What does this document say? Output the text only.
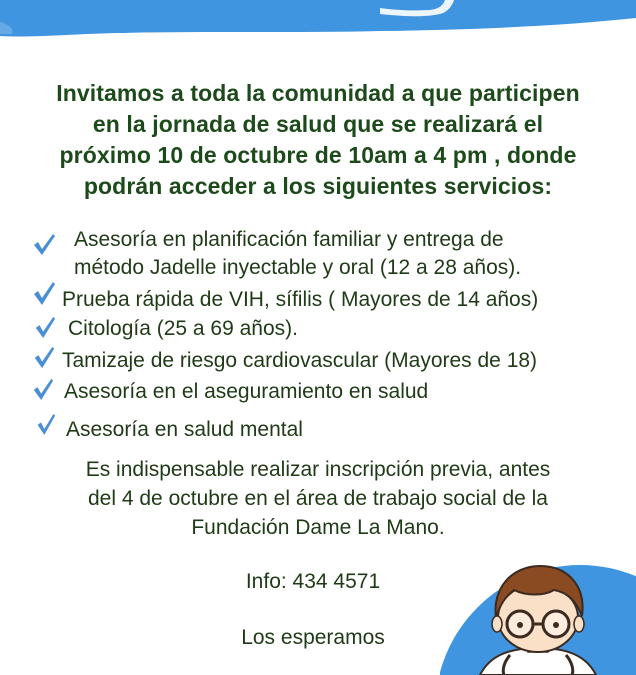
Invitamos a toda la comunidad a que participen
en la jornada de salud que se realizará el
próximo 10 de octubre de 10am a 4 pm , donde
podrán acceder a los siguientes servicios:
Asesoría en planificación familiar y entrega de
método Jadelle inyectable y oral (12 a 28 años).
Prueba rápida de VIH, sífilis ( Mayores de 14 años)
Citología (25 a 69 años).
Tamizaje de riesgo cardiovascular (Mayores de 18)
Asesoría en el aseguramiento en salud
Asesoría en salud mental
Es indispensable realizar inscripción previa, antes
del 4 de octubre en el área de trabajo social de la
Fundación Dame La Mano.
Info: 434 4571
Los esperamos
